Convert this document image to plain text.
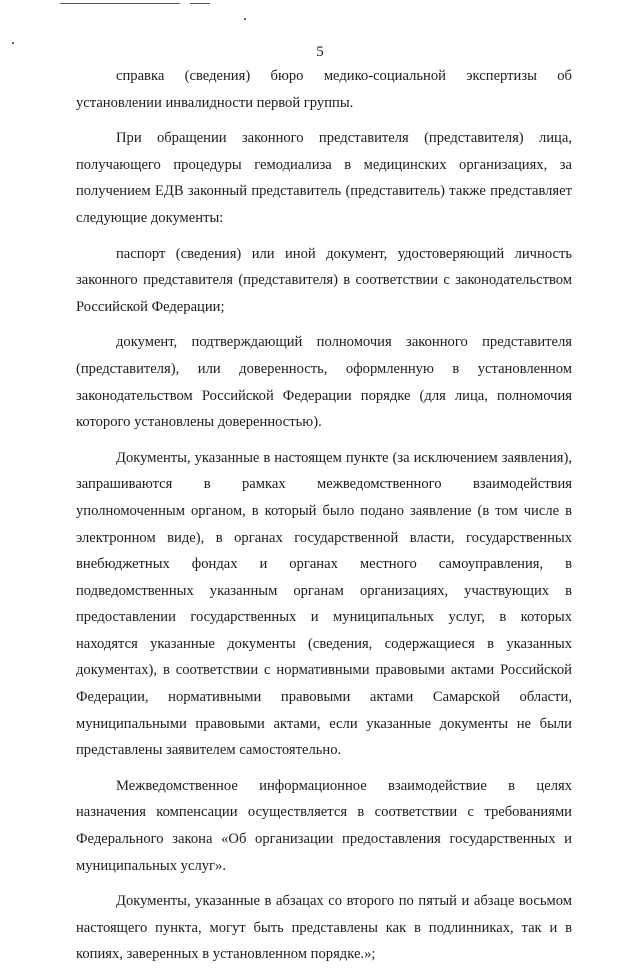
5

справка (сведения) бюро медико-социальной экспертизы об установлении инвалидности первой группы.

При обращении законного представителя (представителя) лица, получающего процедуры гемодиализа в медицинских организациях, за получением ЕДВ законный представитель (представитель) также представляет следующие документы:

паспорт (сведения) или иной документ, удостоверяющий личность законного представителя (представителя) в соответствии с законодательством Российской Федерации;

документ, подтверждающий полномочия законного представителя (представителя), или доверенность, оформленную в установленном законодательством Российской Федерации порядке (для лица, полномочия которого установлены доверенностью).

Документы, указанные в настоящем пункте (за исключением заявления), запрашиваются в рамках межведомственного взаимодействия уполномоченным органом, в который было подано заявление (в том числе в электронном виде), в органах государственной власти, государственных внебюджетных фондах и органах местного самоуправления, в подведомственных указанным органам организациях, участвующих в предоставлении государственных и муниципальных услуг, в которых находятся указанные документы (сведения, содержащиеся в указанных документах), в соответствии с нормативными правовыми актами Российской Федерации, нормативными правовыми актами Самарской области, муниципальными правовыми актами, если указанные документы не были представлены заявителем самостоятельно.

Межведомственное информационное взаимодействие в целях назначения компенсации осуществляется в соответствии с требованиями Федерального закона «Об организации предоставления государственных и муниципальных услуг».

Документы, указанные в абзацах со второго по пятый и абзаце восьмом настоящего пункта, могут быть представлены как в подлинниках, так и в копиях, заверенных в установленном порядке.»;
